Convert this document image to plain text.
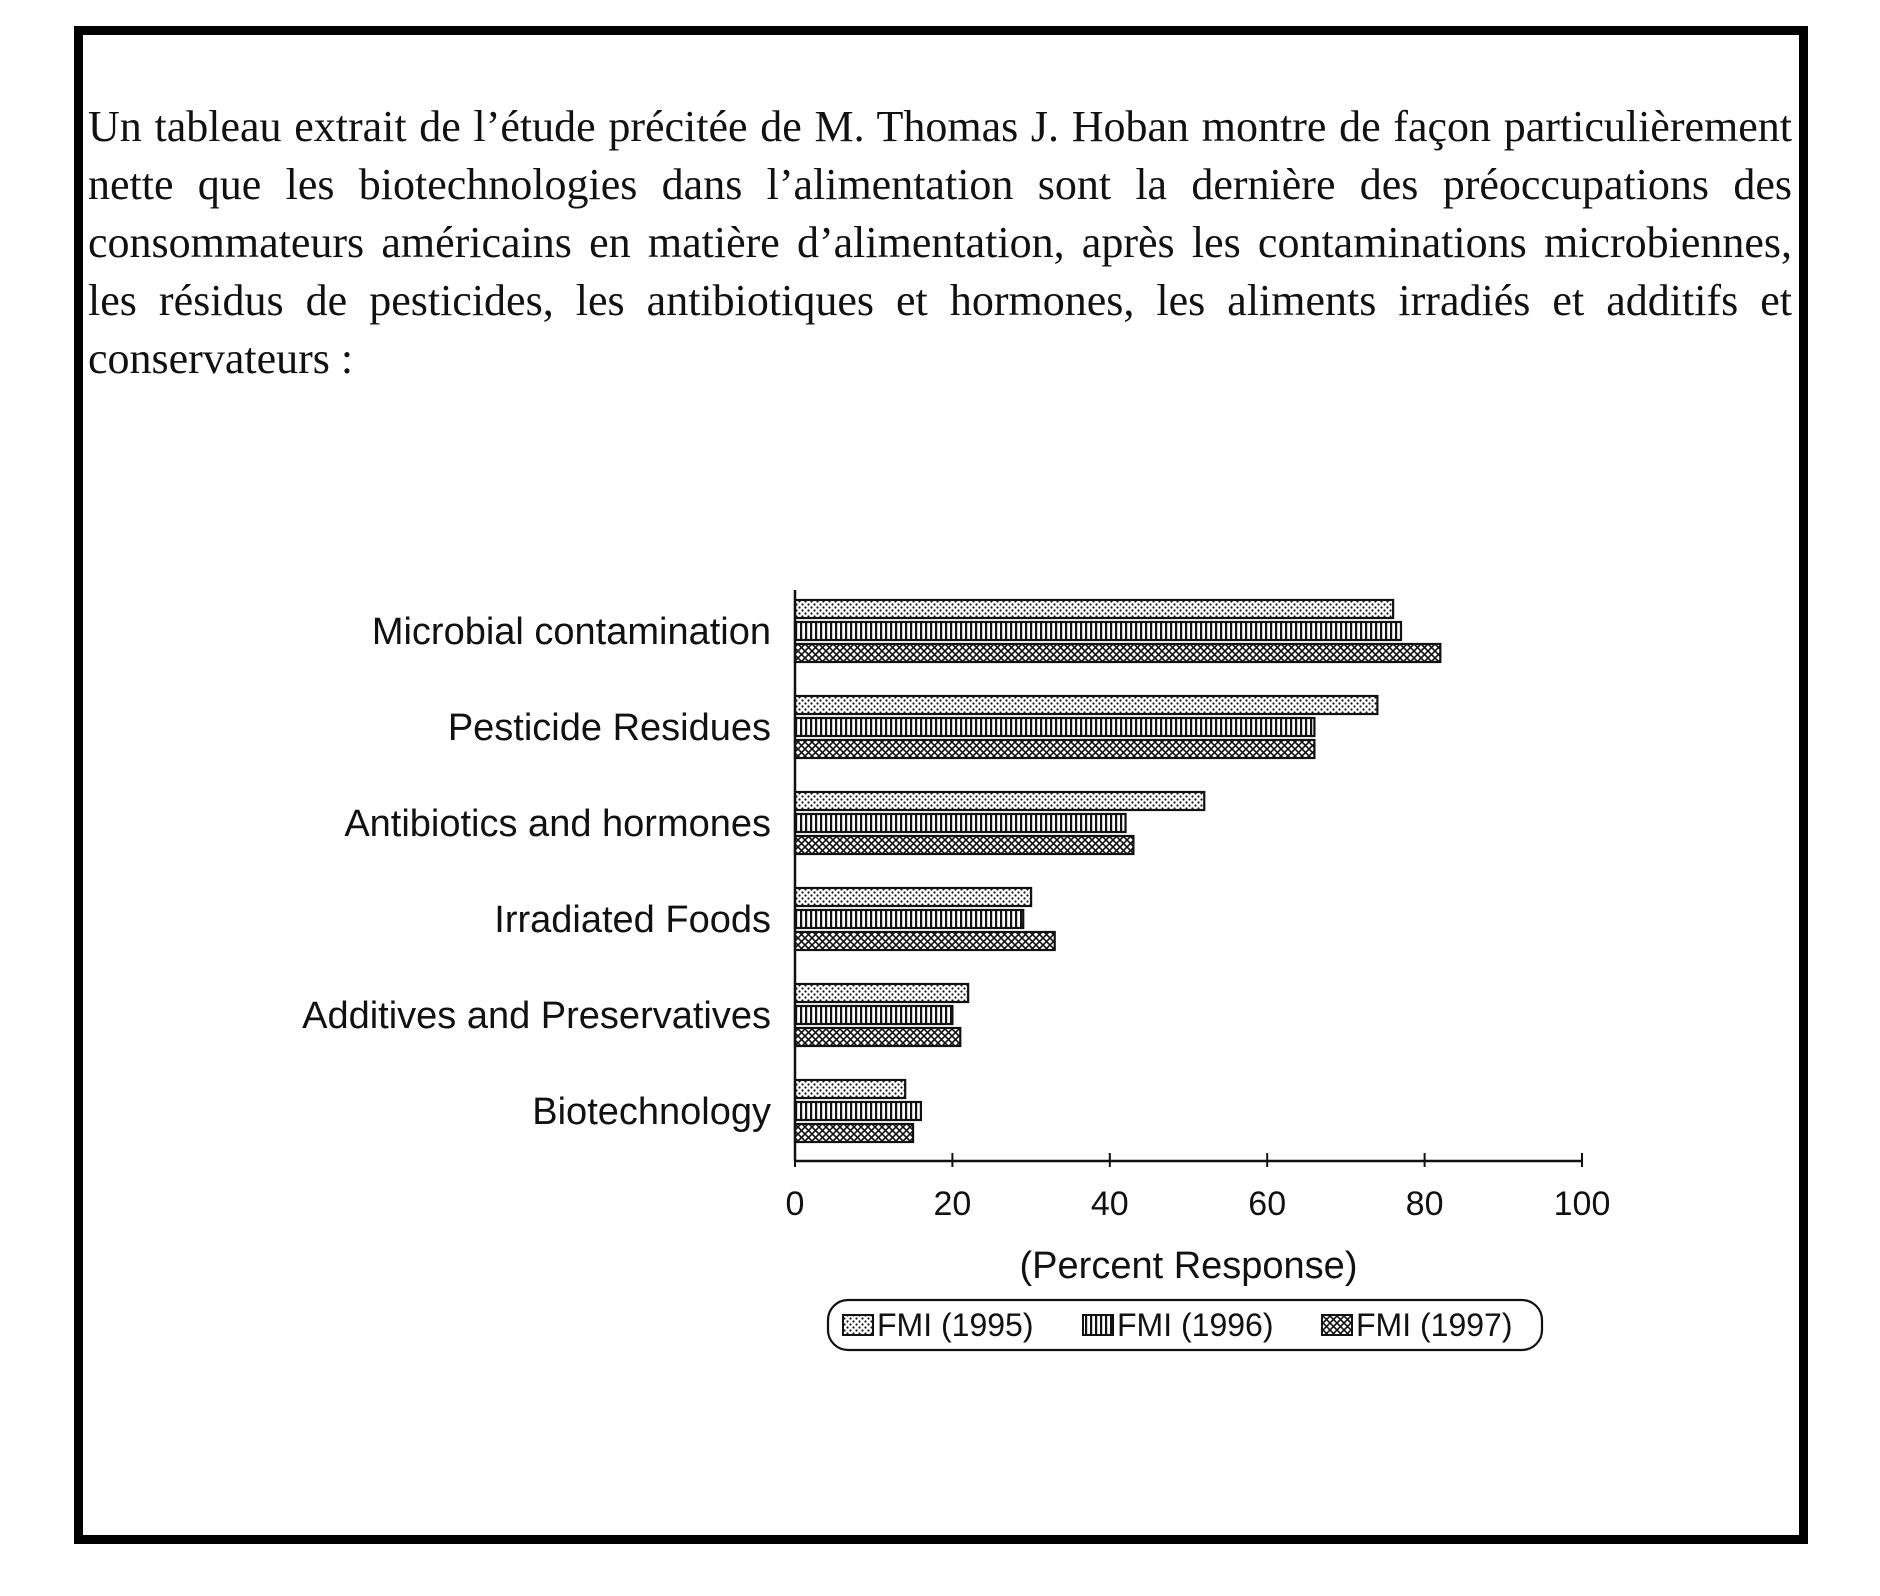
Un tableau extrait de l’étude précitée de M. Thomas J. Hoban montre de façon particulièrement nette que les biotechnologies dans l’alimentation sont la dernière des préoccupations des consommateurs américains en matière d’alimentation, après les contaminations microbiennes, les résidus de pesticides, les antibiotiques et hormones, les aliments irradiés et additifs et conservateurs :

Microbial contamination
Pesticide Residues
Antibiotics and hormones
Irradiated Foods
Additives and Preservatives
Biotechnology
0	20	40	60	80	100
(Percent Response)
FMI (1995)	FMI (1996)	FMI (1997)
